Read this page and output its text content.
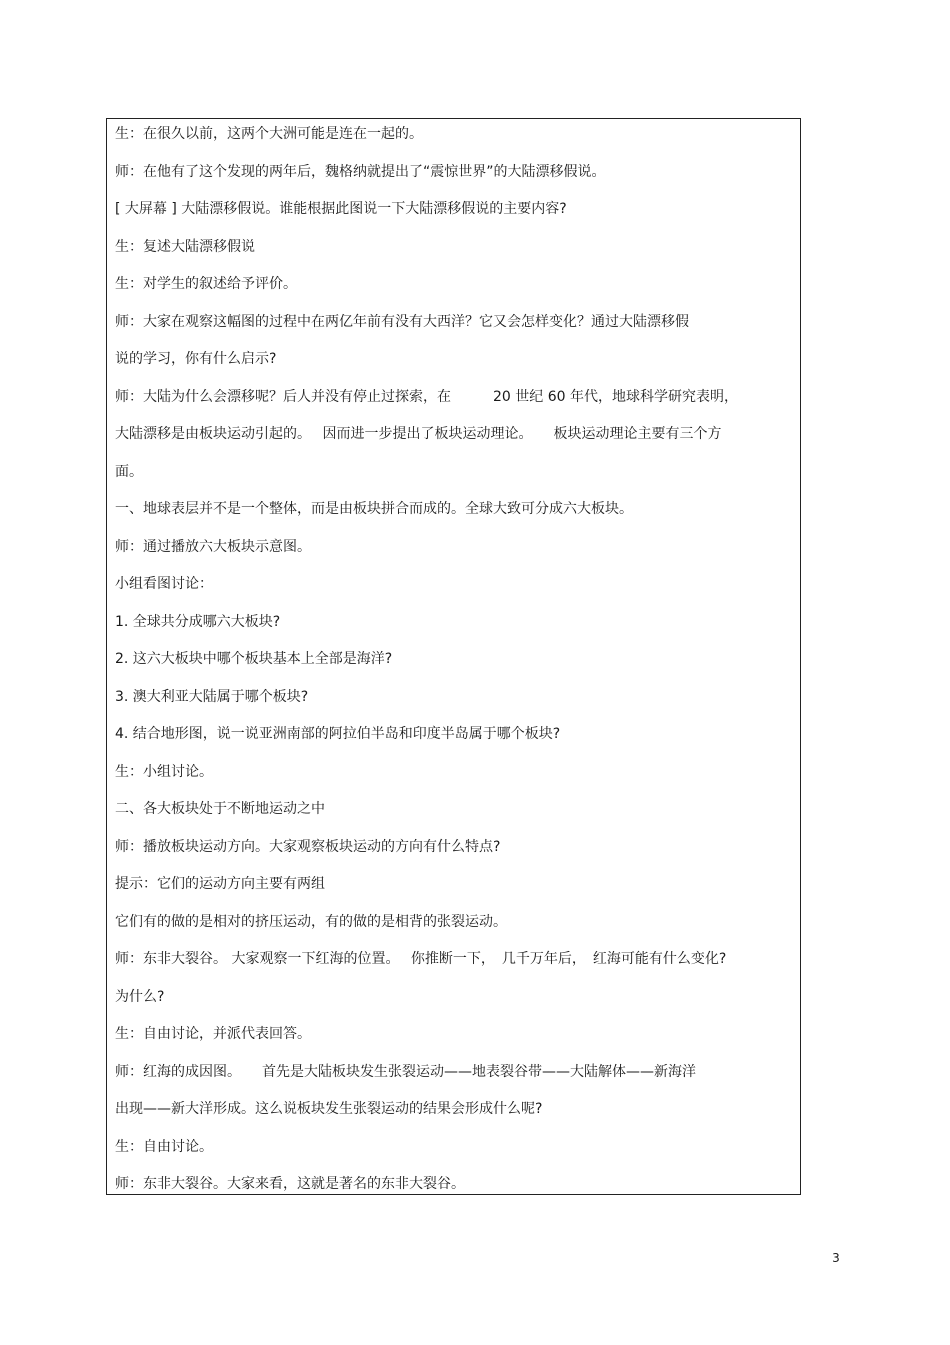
生：在很久以前，这两个大洲可能是连在一起的。
师：在他有了这个发现的两年后，魏格纳就提出了“震惊世界”的大陆漂移假说。
[ 大屏幕 ] 大陆漂移假说。谁能根据此图说一下大陆漂移假说的主要内容?
生：复述大陆漂移假说
生：对学生的叙述给予评价。
师：大家在观察这幅图的过程中在两亿年前有没有大西洋？它又会怎样变化？通过大陆漂移假
说的学习，你有什么启示?
师：大陆为什么会漂移呢？后人并没有停止过探索，在　　　20 世纪 60 年代，地球科学研究表明，
大陆漂移是由板块运动引起的。　 因而进一步提出了板块运动理论。　　板块运动理论主要有三个方
面。
一、地球表层并不是一个整体，而是由板块拼合而成的。全球大致可分成六大板块。
师：通过播放六大板块示意图。
小组看图讨论：
1. 全球共分成哪六大板块?
2. 这六大板块中哪个板块基本上全部是海洋?
3. 澳大利亚大陆属于哪个板块?
4. 结合地形图，说一说亚洲南部的阿拉伯半岛和印度半岛属于哪个板块?
生：小组讨论。
二、各大板块处于不断地运动之中
师：播放板块运动方向。大家观察板块运动的方向有什么特点?
提示：它们的运动方向主要有两组
它们有的做的是相对的挤压运动，有的做的是相背的张裂运动。
师：东非大裂谷。 大家观察一下红海的位置。　 你推断一下，　几千万年后，　红海可能有什么变化?
为什么?
生：自由讨论，并派代表回答。
师：红海的成因图。　　首先是大陆板块发生张裂运动——地表裂谷带——大陆解体——新海洋
出现——新大洋形成。这么说板块发生张裂运动的结果会形成什么呢?
生：自由讨论。
师：东非大裂谷。大家来看，这就是著名的东非大裂谷。
3
